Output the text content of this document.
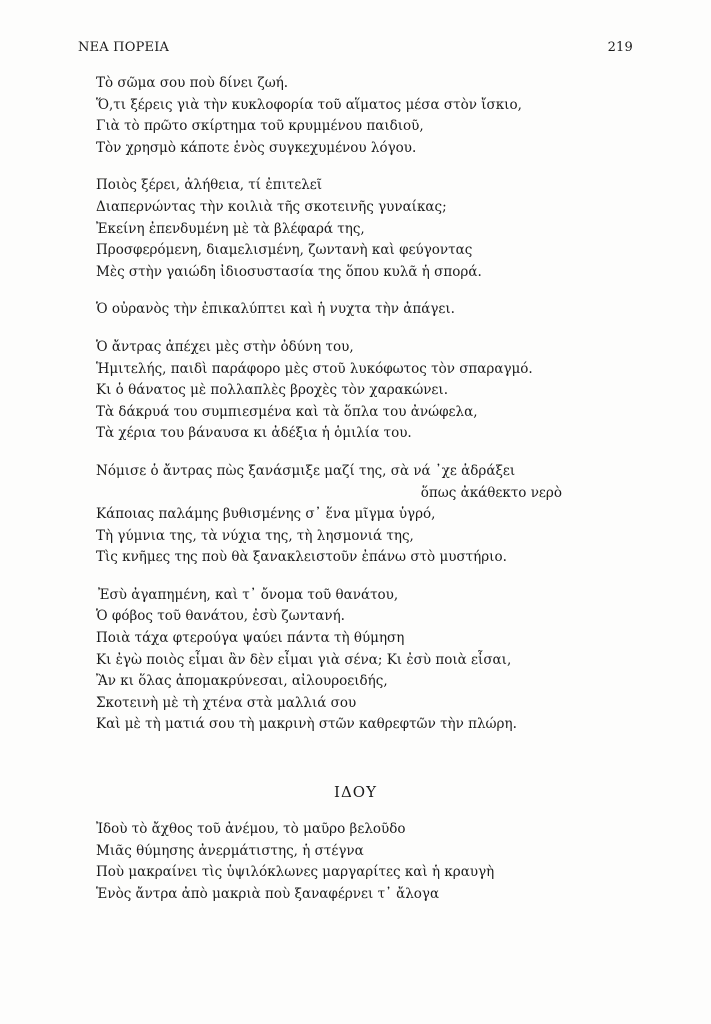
ΝΕΑ ΠΟΡΕΙΑ	219
Τὸ σῶμα σου ποὺ δίνει ζωή.
Ὅ,τι ξέρεις γιὰ τὴν κυκλοφορία τοῦ αἵματος μέσα στὸν ἴσκιο,
Γιὰ τὸ πρῶτο σκίρτημα τοῦ κρυμμένου παιδιοῦ,
Τὸν χρησμὸ κάποτε ἑνὸς συγκεχυμένου λόγου.
Ποιὸς ξέρει, ἀλήθεια, τί ἐπιτελεῖ
Διαπερνώντας τὴν κοιλιὰ τῆς σκοτεινῆς γυναίκας;
Ἐκείνη ἐπενδυμένη μὲ τὰ βλέφαρά της,
Προσφερόμενη, διαμελισμένη, ζωντανὴ καὶ φεύγοντας
Μὲς στὴν γαιώδη ἰδιοσυστασία της ὅπου κυλᾶ ἡ σπορά.
Ὁ οὐρανὸς τὴν ἐπικαλύπτει καὶ ἡ νυχτα τὴν ἀπάγει.
Ὁ ἄντρας ἀπέχει μὲς στὴν ὀδύνη του,
Ἡμιτελής, παιδὶ παράφορο μὲς στοῦ λυκόφωτος τὸν σπαραγμό.
Κι ὁ θάνατος μὲ πολλαπλὲς βροχὲς τὸν χαρακώνει.
Τὰ δάκρυά του συμπιεσμένα καὶ τὰ ὅπλα του ἀνώφελα,
Τὰ χέρια του βάναυσα κι ἀδέξια ἡ ὁμιλία του.
Νόμισε ὁ ἄντρας πὼς ξανάσμιξε μαζί της, σὰ νά ᾽χε ἁδράξει
ὅπως ἀκάθεκτο νερὸ
Κάποιας παλάμης βυθισμένης σ᾽ ἕνα μῖγμα ὑγρό,
Τὴ γύμνια της, τὰ νύχια της, τὴ λησμονιά της,
Τὶς κνῆμες της ποὺ θὰ ξανακλειστοῦν ἐπάνω στὸ μυστήριο.
Ἐσὺ ἀγαπημένη, καὶ τ᾽ ὄνομα τοῦ θανάτου,
Ὁ φόβος τοῦ θανάτου, ἐσὺ ζωντανή.
Ποιὰ τάχα φτερούγα ψαύει πάντα τὴ θύμηση
Κι ἐγὼ ποιὸς εἶμαι ἂν δὲν εἶμαι γιὰ σένα; Κι ἐσὺ ποιὰ εἶσαι,
Ἂν κι ὅλας ἀπομακρύνεσαι, αἰλουροειδής,
Σκοτεινὴ μὲ τὴ χτένα στὰ μαλλιά σου
Καὶ μὲ τὴ ματιά σου τὴ μακρινὴ στῶν καθρεφτῶν τὴν πλώρη.
ΙΔΟΥ
Ἰδοὺ τὸ ἄχθος τοῦ ἀνέμου, τὸ μαῦρο βελοῦδο
Μιᾶς θύμησης ἀνερμάτιστης, ἡ στέγνα
Ποὺ μακραίνει τὶς ὑψιλόκλωνες μαργαρίτες καὶ ἡ κραυγὴ
Ἑνὸς ἄντρα ἀπὸ μακριὰ ποὺ ξαναφέρνει τ᾽ ἄλογα
